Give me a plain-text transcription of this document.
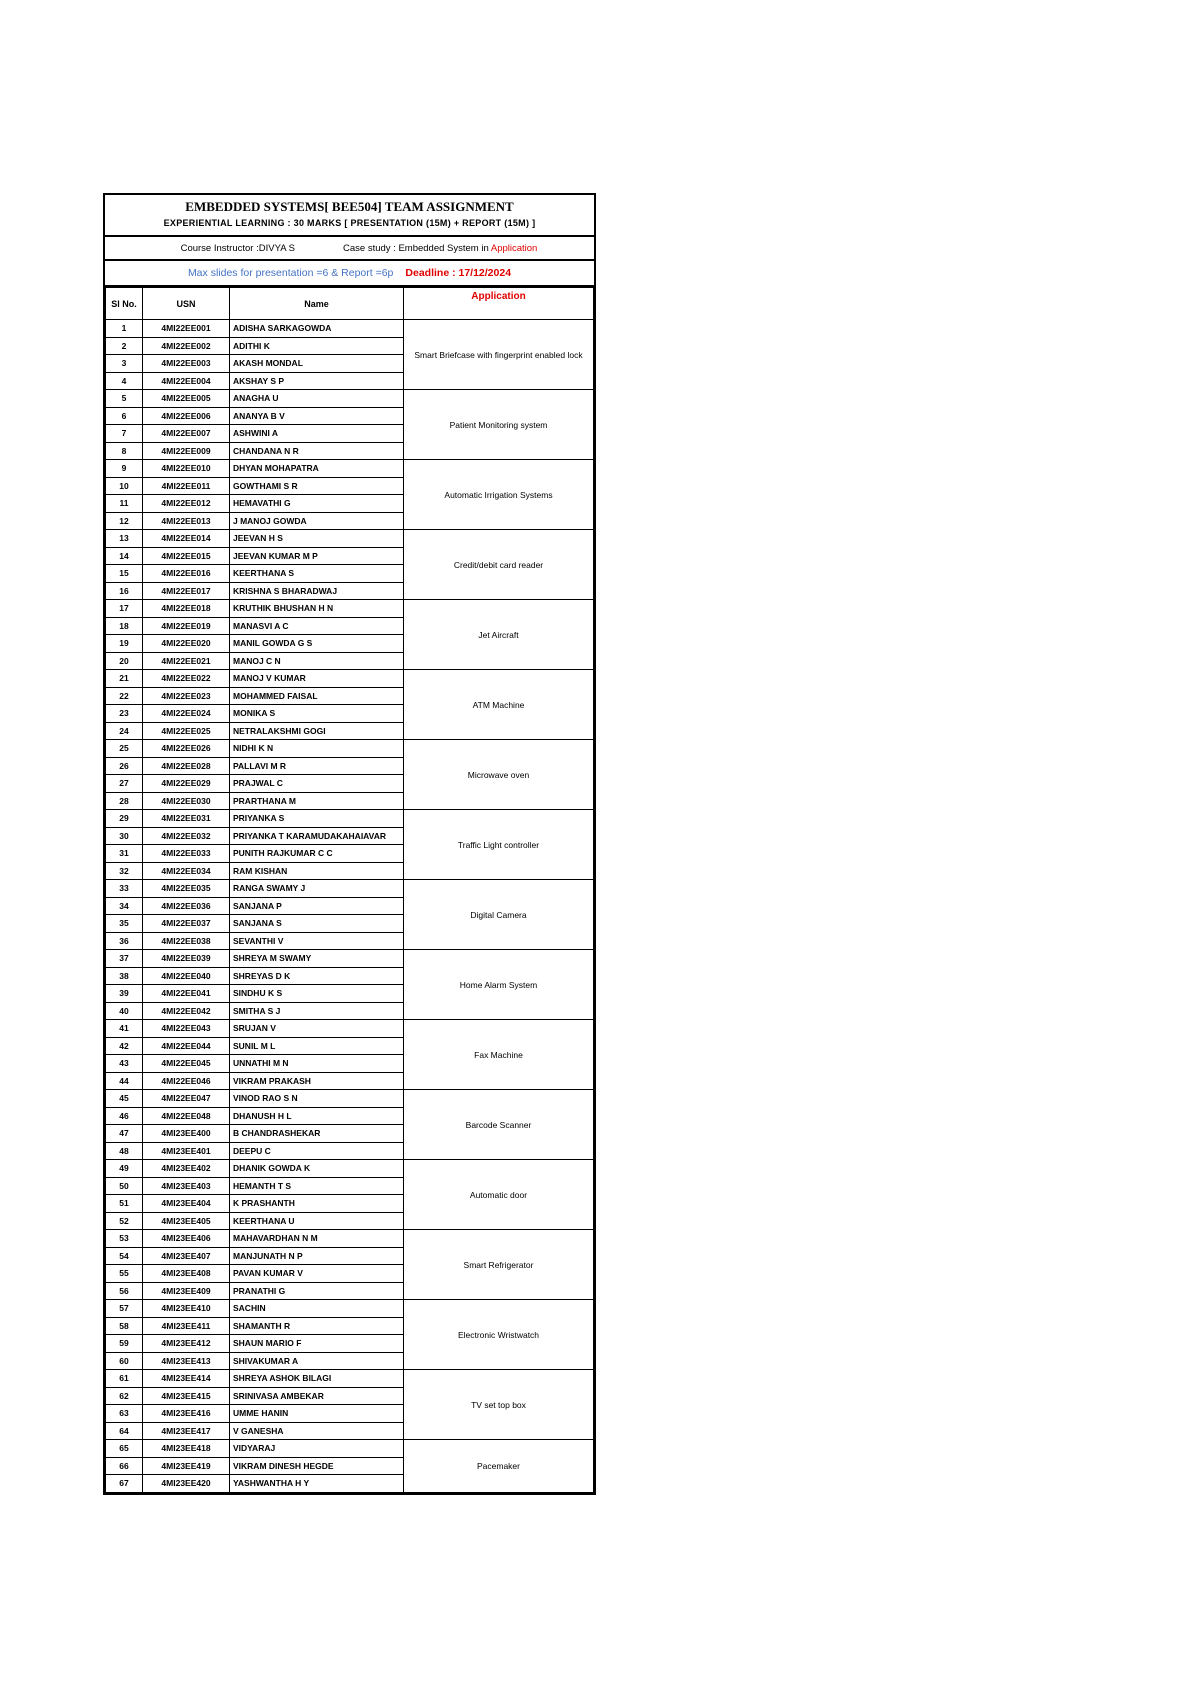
EMBEDDED SYSTEMS[ BEE504] TEAM ASSIGNMENT
EXPERIENTIAL LEARNING : 30 MARKS [ PRESENTATION (15M) + REPORT (15M) ]
Course Instructor :DIVYA S	Case study : Embedded System in Application
Max slides for presentation =6 & Report =6p Deadline : 17/12/2024
Sl No.	USN	Name	Application
1	4MI22EE001	ADISHA SARKAGOWDA	Smart Briefcase with fingerprint enabled lock
2	4MI22EE002	ADITHI K	
3	4MI22EE003	AKASH MONDAL	
4	4MI22EE004	AKSHAY S P	
5	4MI22EE005	ANAGHA U	Patient Monitoring system
6	4MI22EE006	ANANYA B V	
7	4MI22EE007	ASHWINI A	
8	4MI22EE009	CHANDANA N R	
9	4MI22EE010	DHYAN MOHAPATRA	Automatic Irrigation Systems
10	4MI22EE011	GOWTHAMI S R	
11	4MI22EE012	HEMAVATHI G	
12	4MI22EE013	J MANOJ GOWDA	
13	4MI22EE014	JEEVAN H S	Credit/debit card reader
14	4MI22EE015	JEEVAN KUMAR M P	
15	4MI22EE016	KEERTHANA S	
16	4MI22EE017	KRISHNA S BHARADWAJ	
17	4MI22EE018	KRUTHIK BHUSHAN H N	Jet Aircraft
18	4MI22EE019	MANASVI A C	
19	4MI22EE020	MANIL GOWDA G S	
20	4MI22EE021	MANOJ C N	
21	4MI22EE022	MANOJ V KUMAR	ATM Machine
22	4MI22EE023	MOHAMMED FAISAL	
23	4MI22EE024	MONIKA S	
24	4MI22EE025	NETRALAKSHMI GOGI	
25	4MI22EE026	NIDHI K N	Microwave oven
26	4MI22EE028	PALLAVI M R	
27	4MI22EE029	PRAJWAL C	
28	4MI22EE030	PRARTHANA M	
29	4MI22EE031	PRIYANKA S	Traffic Light controller
30	4MI22EE032	PRIYANKA T KARAMUDAKAHAIAVAR	
31	4MI22EE033	PUNITH RAJKUMAR C C	
32	4MI22EE034	RAM KISHAN	
33	4MI22EE035	RANGA SWAMY J	Digital Camera
34	4MI22EE036	SANJANA P	
35	4MI22EE037	SANJANA S	
36	4MI22EE038	SEVANTHI V	
37	4MI22EE039	SHREYA M SWAMY	Home Alarm System
38	4MI22EE040	SHREYAS D K	
39	4MI22EE041	SINDHU K S	
40	4MI22EE042	SMITHA S J	
41	4MI22EE043	SRUJAN V	Fax Machine
42	4MI22EE044	SUNIL M L	
43	4MI22EE045	UNNATHI M N	
44	4MI22EE046	VIKRAM PRAKASH	
45	4MI22EE047	VINOD RAO S N	Barcode Scanner
46	4MI22EE048	DHANUSH H L	
47	4MI23EE400	B CHANDRASHEKAR	
48	4MI23EE401	DEEPU C	
49	4MI23EE402	DHANIK GOWDA K	Automatic door
50	4MI23EE403	HEMANTH T S	
51	4MI23EE404	K PRASHANTH	
52	4MI23EE405	KEERTHANA U	
53	4MI23EE406	MAHAVARDHAN N M	Smart Refrigerator
54	4MI23EE407	MANJUNATH N P	
55	4MI23EE408	PAVAN KUMAR V	
56	4MI23EE409	PRANATHI G	
57	4MI23EE410	SACHIN	Electronic Wristwatch
58	4MI23EE411	SHAMANTH R	
59	4MI23EE412	SHAUN MARIO F	
60	4MI23EE413	SHIVAKUMAR A	
61	4MI23EE414	SHREYA ASHOK BILAGI	TV set top box
62	4MI23EE415	SRINIVASA AMBEKAR	
63	4MI23EE416	UMME HANIN	
64	4MI23EE417	V GANESHA	
65	4MI23EE418	VIDYARAJ	Pacemaker
66	4MI23EE419	VIKRAM DINESH HEGDE	
67	4MI23EE420	YASHWANTHA H Y	
